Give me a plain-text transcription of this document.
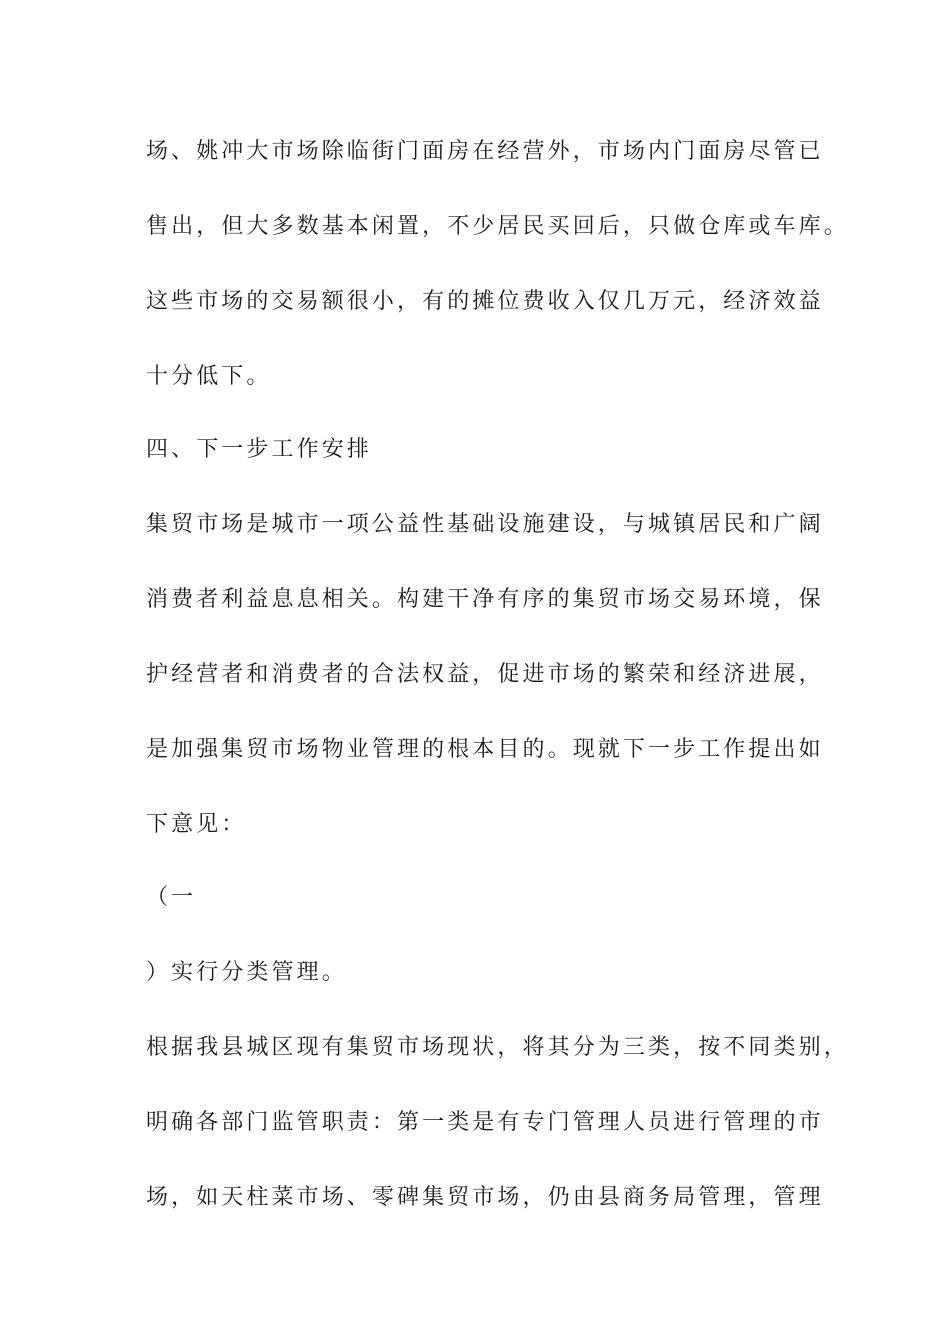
场、姚冲大市场除临街门面房在经营外，市场内门面房尽管已
售出，但大多数基本闲置，不少居民买回后，只做仓库或车库。
这些市场的交易额很小，有的摊位费收入仅几万元，经济效益
十分低下。
四、下一步工作安排
集贸市场是城市一项公益性基础设施建设，与城镇居民和广阔
消费者利益息息相关。构建干净有序的集贸市场交易环境，保
护经营者和消费者的合法权益，促进市场的繁荣和经济进展，
是加强集贸市场物业管理的根本目的。现就下一步工作提出如
下意见：
（一
）实行分类管理。
根据我县城区现有集贸市场现状，将其分为三类，按不同类别，
明确各部门监管职责：第一类是有专门管理人员进行管理的市
场，如天柱菜市场、零碑集贸市场，仍由县商务局管理，管理
